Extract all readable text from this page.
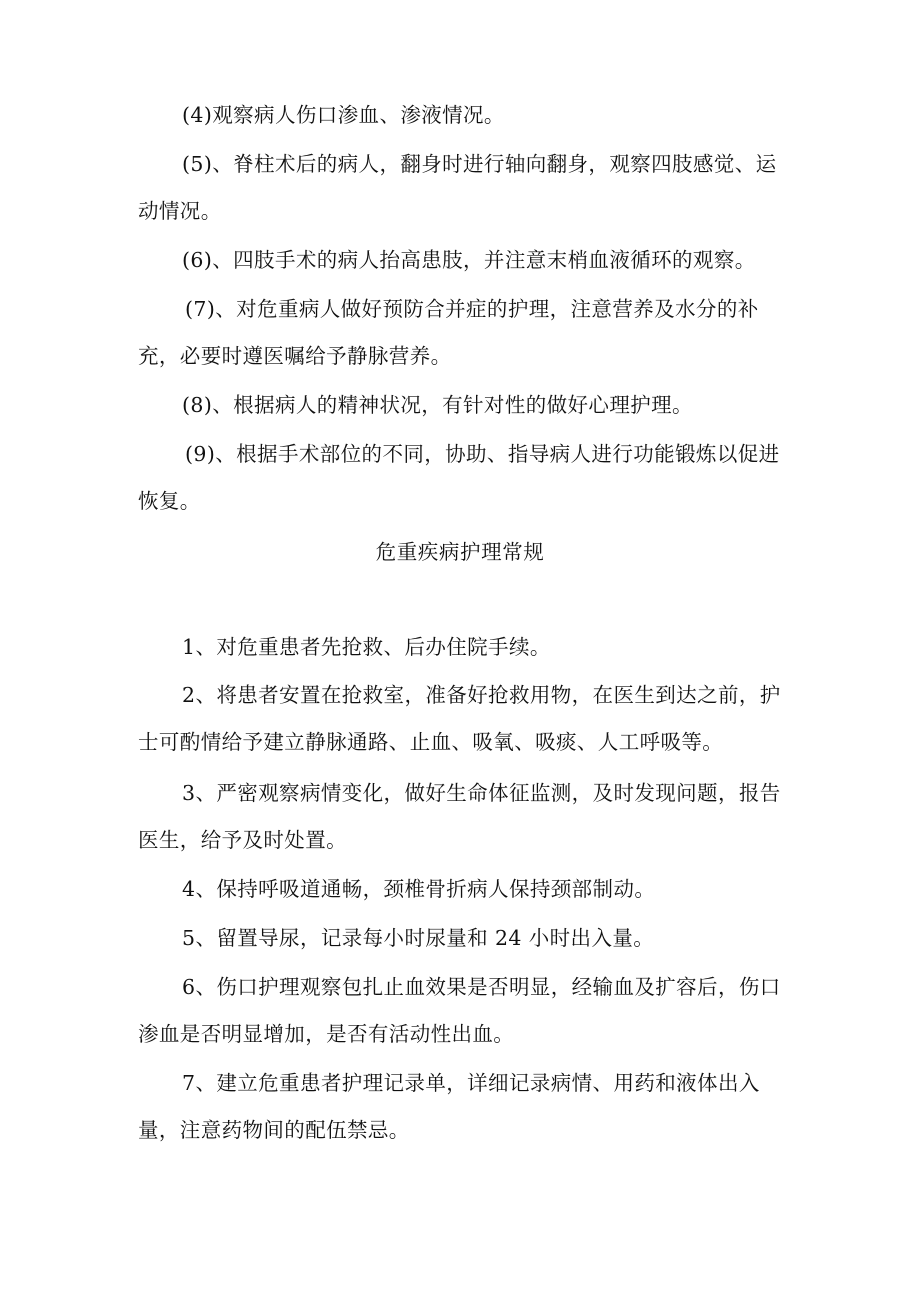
(4)观察病人伤口渗血、渗液情况。

(5)、脊柱术后的病人，翻身时进行轴向翻身，观察四肢感觉、运动情况。

(6)、四肢手术的病人抬高患肢，并注意末梢血液循环的观察。

(7)、对危重病人做好预防合并症的护理，注意营养及水分的补充，必要时遵医嘱给予静脉营养。

(8)、根据病人的精神状况，有针对性的做好心理护理。

(9)、根据手术部位的不同，协助、指导病人进行功能锻炼以促进恢复。

危重疾病护理常规

1、对危重患者先抢救、后办住院手续。

2、将患者安置在抢救室，准备好抢救用物，在医生到达之前，护士可酌情给予建立静脉通路、止血、吸氧、吸痰、人工呼吸等。

3、严密观察病情变化，做好生命体征监测，及时发现问题，报告医生，给予及时处置。

4、保持呼吸道通畅，颈椎骨折病人保持颈部制动。

5、留置导尿，记录每小时尿量和 24 小时出入量。

6、伤口护理观察包扎止血效果是否明显，经输血及扩容后，伤口渗血是否明显增加，是否有活动性出血。

7、建立危重患者护理记录单，详细记录病情、用药和液体出入量，注意药物间的配伍禁忌。
